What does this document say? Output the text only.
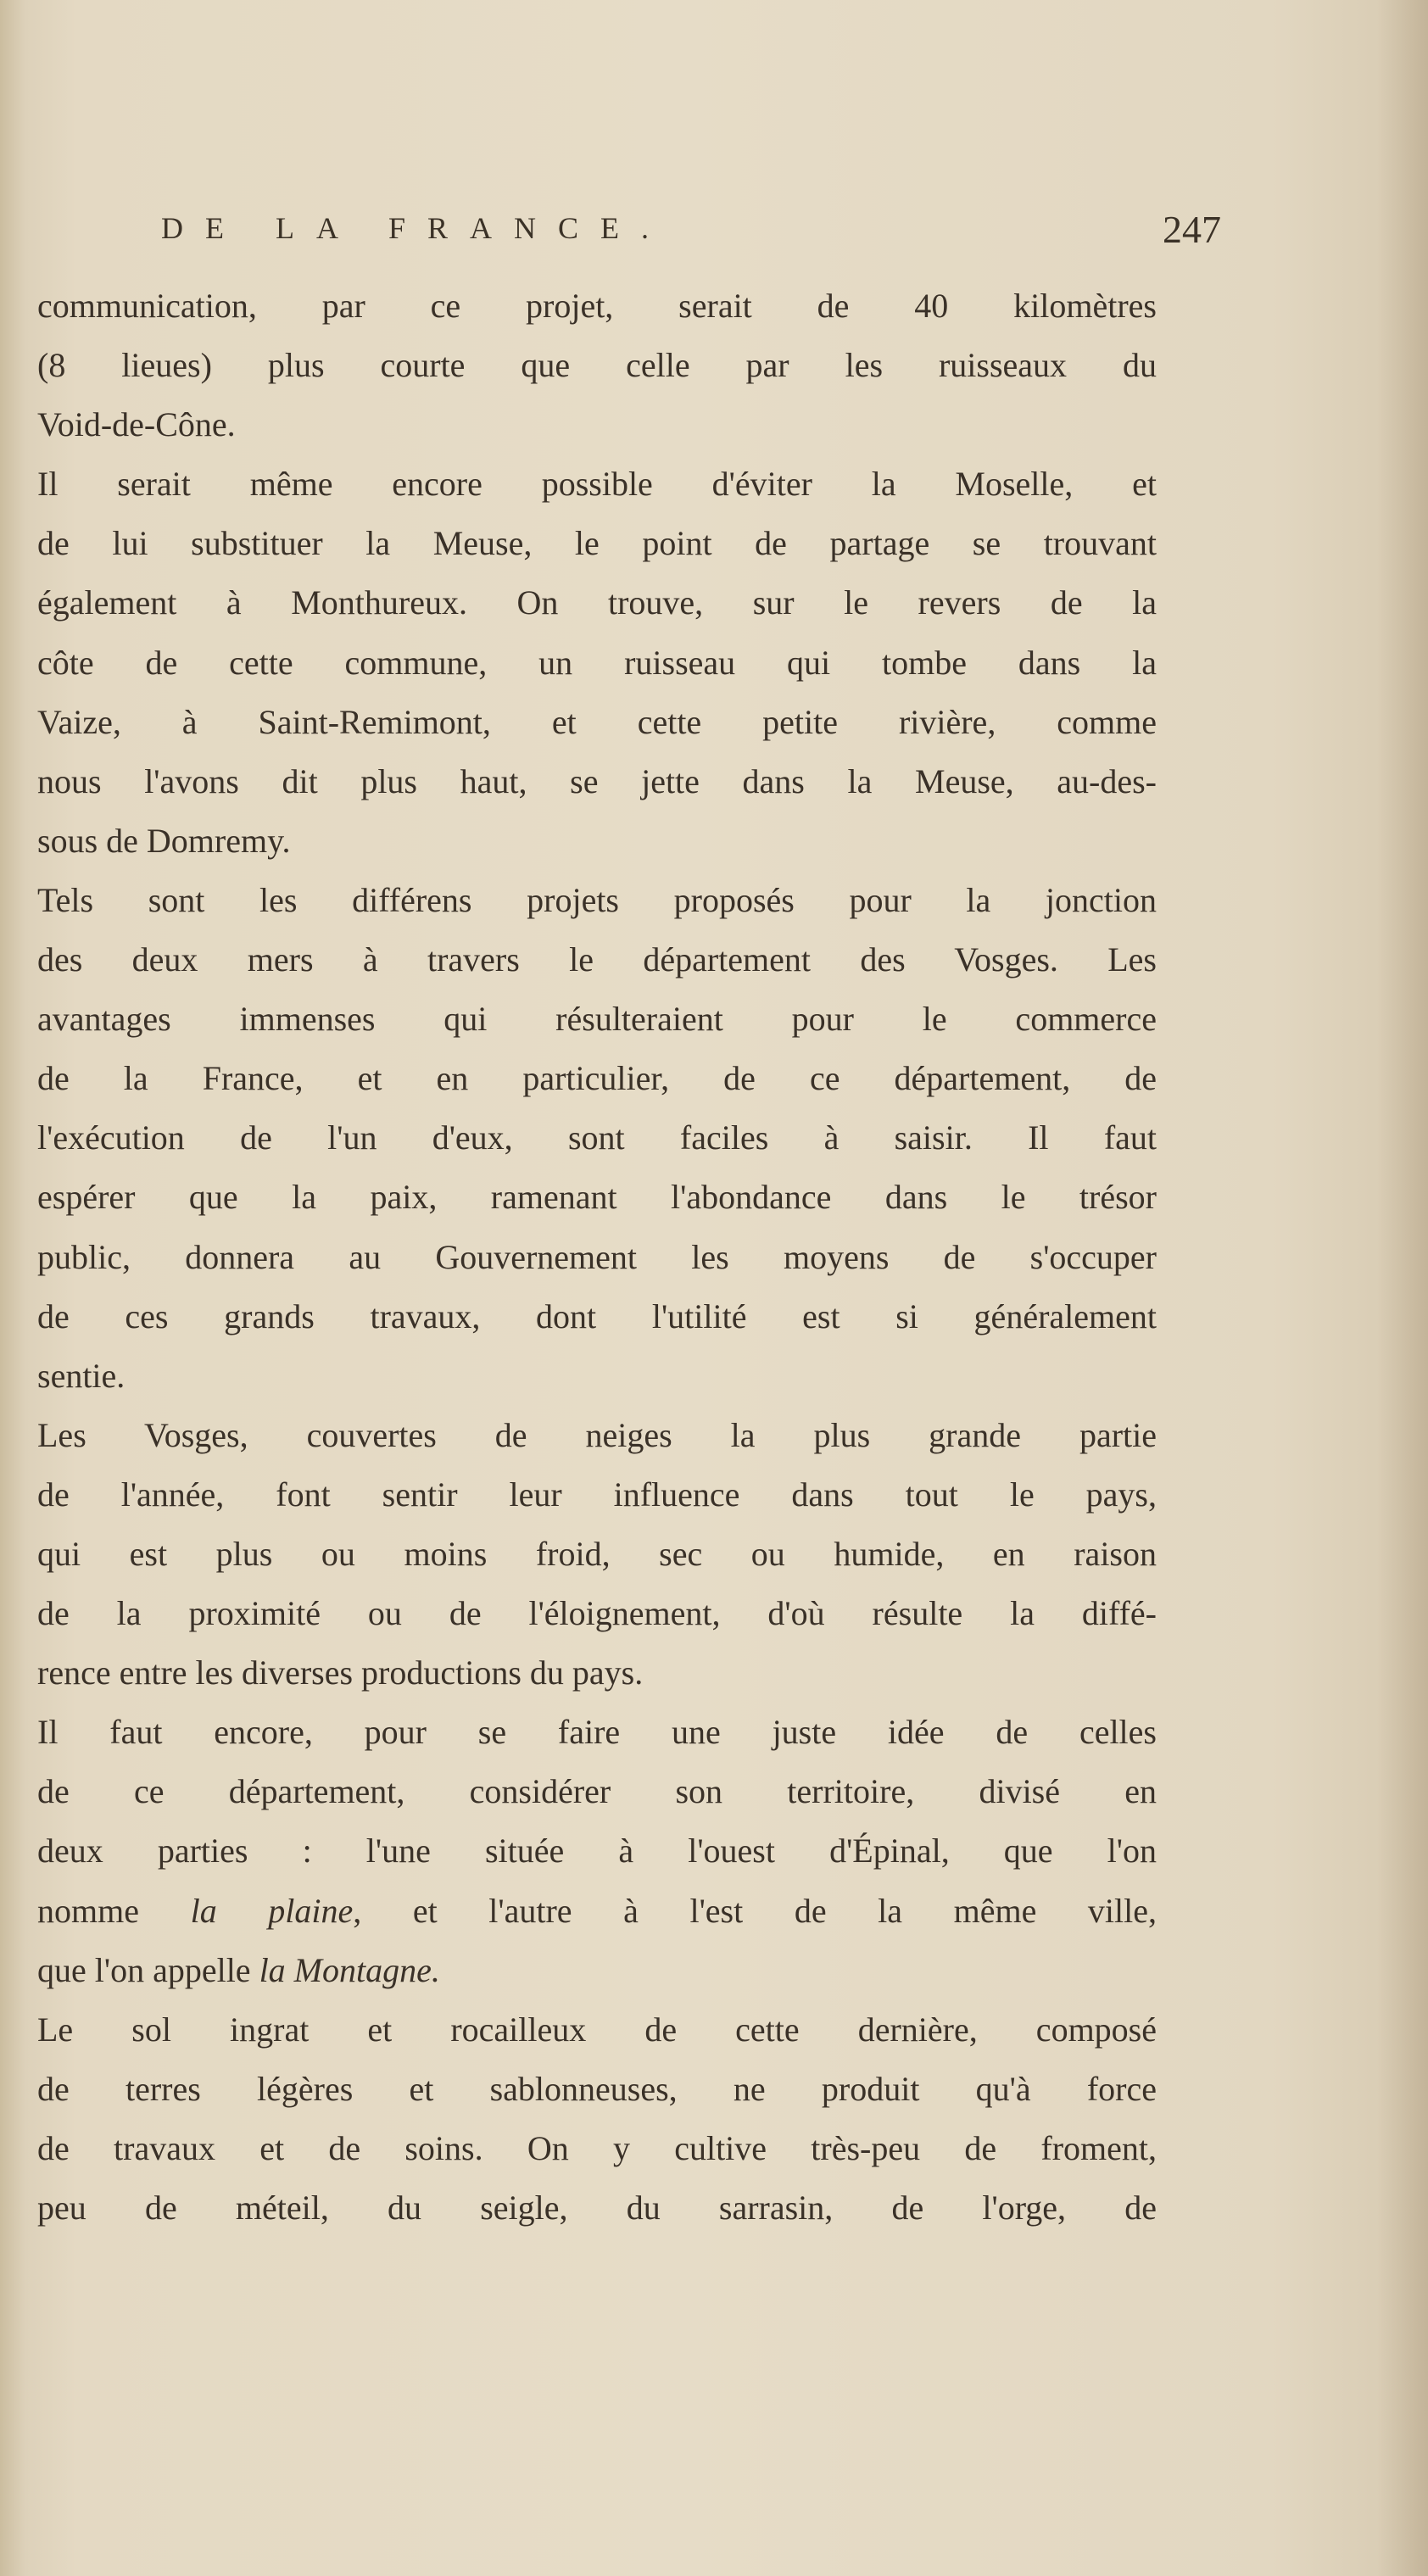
DE LA FRANCE.	247
communication, par ce projet, serait de 40 kilomètres
(8 lieues) plus courte que celle par les ruisseaux du
Void-de-Cône.
Il serait même encore possible d'éviter la Moselle, et
de lui substituer la Meuse, le point de partage se trouvant
également à Monthureux. On trouve, sur le revers de la
côte de cette commune, un ruisseau qui tombe dans la
Vaize, à Saint-Remimont, et cette petite rivière, comme
nous l'avons dit plus haut, se jette dans la Meuse, au-des-
sous de Domremy.
Tels sont les différens projets proposés pour la jonction
des deux mers à travers le département des Vosges. Les
avantages immenses qui résulteraient pour le commerce
de la France, et en particulier, de ce département, de
l'exécution de l'un d'eux, sont faciles à saisir. Il faut
espérer que la paix, ramenant l'abondance dans le trésor
public, donnera au Gouvernement les moyens de s'occuper
de ces grands travaux, dont l'utilité est si généralement
sentie.
Les Vosges, couvertes de neiges la plus grande partie
de l'année, font sentir leur influence dans tout le pays,
qui est plus ou moins froid, sec ou humide, en raison
de la proximité ou de l'éloignement, d'où résulte la diffé-
rence entre les diverses productions du pays.
Il faut encore, pour se faire une juste idée de celles
de ce département, considérer son territoire, divisé en
deux parties : l'une située à l'ouest d'Épinal, que l'on
nomme la plaine, et l'autre à l'est de la même ville,
que l'on appelle la Montagne.
Le sol ingrat et rocailleux de cette dernière, composé
de terres légères et sablonneuses, ne produit qu'à force
de travaux et de soins. On y cultive très-peu de froment,
peu de méteil, du seigle, du sarrasin, de l'orge, de
